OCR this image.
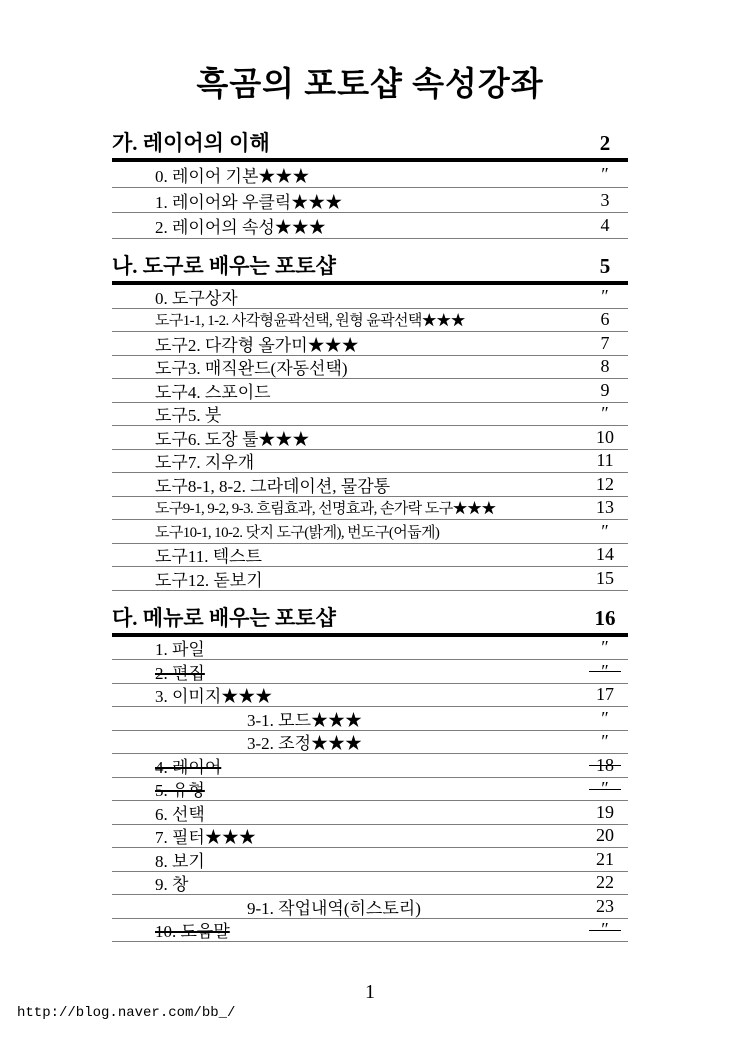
흑곰의 포토샵 속성강좌
가. 레이어의 이해	2
0. 레이어 기본★★★	″
1. 레이어와 우클릭★★★	3
2. 레이어의 속성★★★	4
나. 도구로 배우는 포토샵	5
0. 도구상자	″
도구1-1, 1-2. 사각형윤곽선택, 원형 윤곽선택★★★	6
도구2. 다각형 올가미★★★	7
도구3. 매직완드(자동선택)	8
도구4. 스포이드	9
도구5. 붓	″
도구6. 도장 툴★★★	10
도구7. 지우개	11
도구8-1, 8-2. 그라데이션, 물감통	12
도구9-1, 9-2, 9-3. 흐림효과, 선명효과, 손가락 도구★★★	13
도구10-1, 10-2. 닷지 도구(밝게), 번도구(어둡게)	″
도구11. 텍스트	14
도구12. 돋보기	15
다. 메뉴로 배우는 포토샵	16
1. 파일	″
2. 편집	″
3. 이미지★★★	17
3-1. 모드★★★	″
3-2. 조정★★★	″
4. 레이어	18
5. 유형	″
6. 선택	19
7. 필터★★★	20
8. 보기	21
9. 창	22
9-1. 작업내역(히스토리)	23
10. 도움말	″
1
http://blog.naver.com/bb_/
